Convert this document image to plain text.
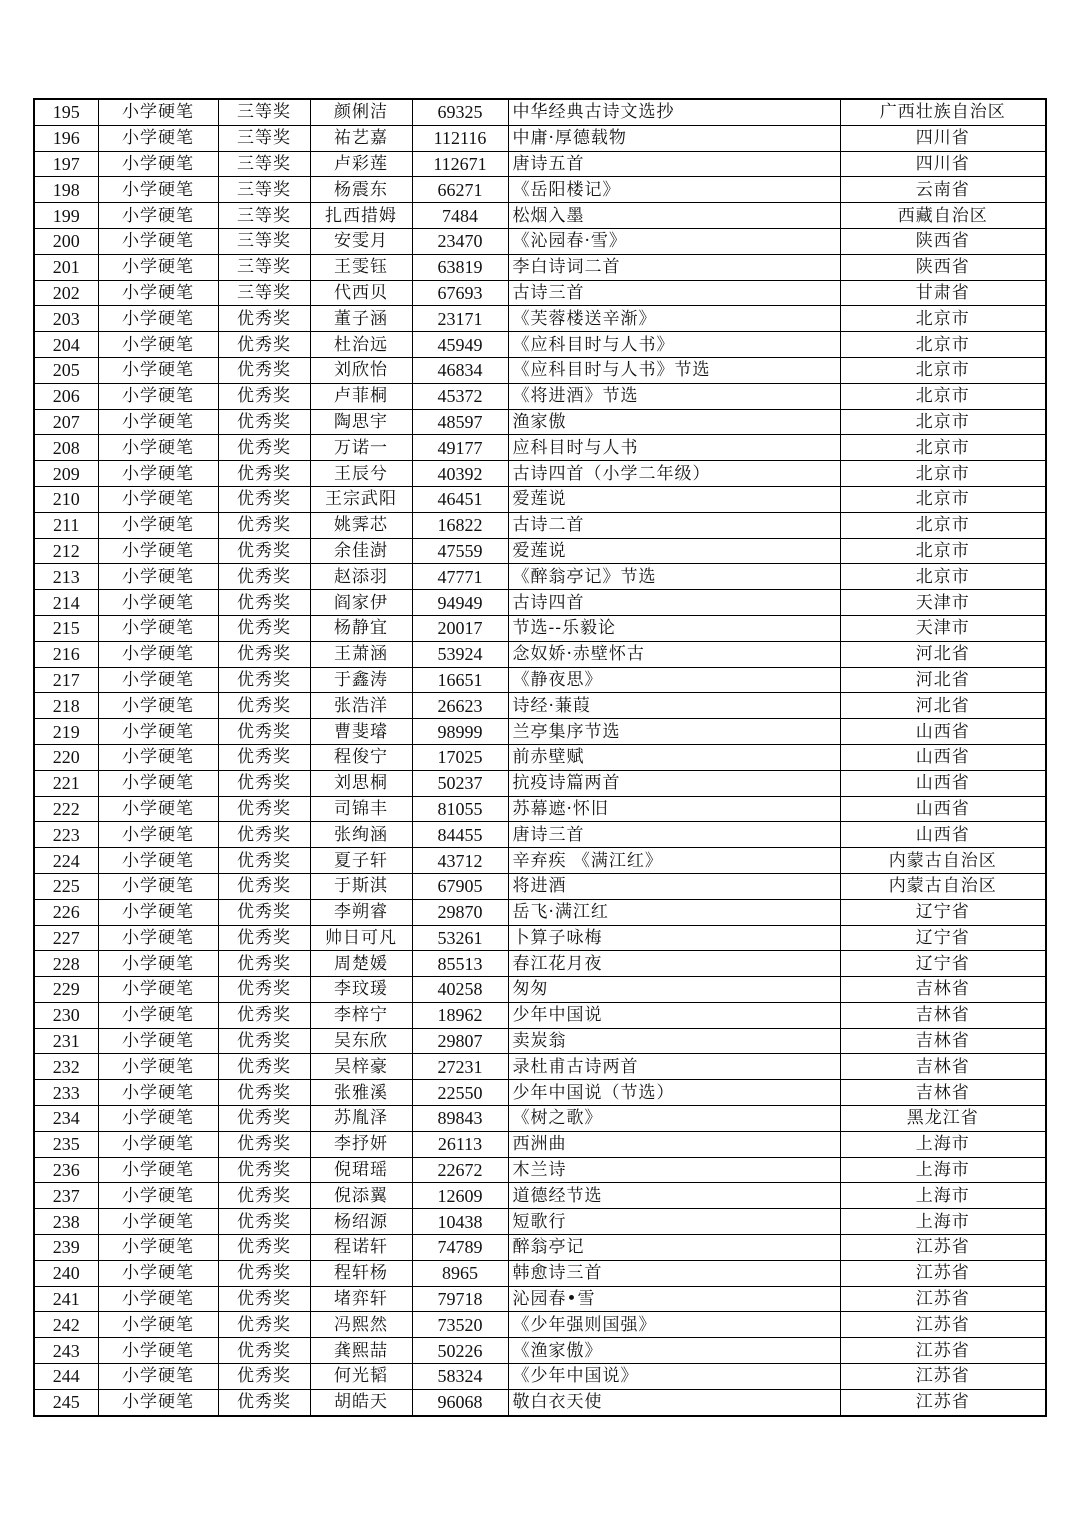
195	小学硬笔	三等奖	颜俐洁	69325	中华经典古诗文选抄	广西壮族自治区
196	小学硬笔	三等奖	祐艺嘉	112116	中庸·厚德载物	四川省
197	小学硬笔	三等奖	卢彩莲	112671	唐诗五首	四川省
198	小学硬笔	三等奖	杨震东	66271	《岳阳楼记》	云南省
199	小学硬笔	三等奖	扎西措姆	7484	松烟入墨	西藏自治区
200	小学硬笔	三等奖	安雯月	23470	《沁园春·雪》	陕西省
201	小学硬笔	三等奖	王雯钰	63819	李白诗词二首	陕西省
202	小学硬笔	三等奖	代西贝	67693	古诗三首	甘肃省
203	小学硬笔	优秀奖	董子涵	23171	《芙蓉楼送辛渐》	北京市
204	小学硬笔	优秀奖	杜治远	45949	《应科目时与人书》	北京市
205	小学硬笔	优秀奖	刘欣怡	46834	《应科目时与人书》节选	北京市
206	小学硬笔	优秀奖	卢菲桐	45372	《将进酒》节选	北京市
207	小学硬笔	优秀奖	陶思宇	48597	渔家傲	北京市
208	小学硬笔	优秀奖	万诺一	49177	应科目时与人书	北京市
209	小学硬笔	优秀奖	王辰兮	40392	古诗四首（小学二年级）	北京市
210	小学硬笔	优秀奖	王宗武阳	46451	爱莲说	北京市
211	小学硬笔	优秀奖	姚霁芯	16822	古诗二首	北京市
212	小学硬笔	优秀奖	余佳澍	47559	爱莲说	北京市
213	小学硬笔	优秀奖	赵添羽	47771	《醉翁亭记》节选	北京市
214	小学硬笔	优秀奖	阎家伊	94949	古诗四首	天津市
215	小学硬笔	优秀奖	杨静宜	20017	节选--乐毅论	天津市
216	小学硬笔	优秀奖	王萧涵	53924	念奴娇·赤壁怀古	河北省
217	小学硬笔	优秀奖	于鑫涛	16651	《静夜思》	河北省
218	小学硬笔	优秀奖	张浩洋	26623	诗经·蒹葭	河北省
219	小学硬笔	优秀奖	曹斐璿	98999	兰亭集序节选	山西省
220	小学硬笔	优秀奖	程俊宁	17025	前赤壁赋	山西省
221	小学硬笔	优秀奖	刘思桐	50237	抗疫诗篇两首	山西省
222	小学硬笔	优秀奖	司锦丰	81055	苏幕遮·怀旧	山西省
223	小学硬笔	优秀奖	张绚涵	84455	唐诗三首	山西省
224	小学硬笔	优秀奖	夏子轩	43712	辛弃疾 《满江红》	内蒙古自治区
225	小学硬笔	优秀奖	于斯淇	67905	将进酒	内蒙古自治区
226	小学硬笔	优秀奖	李朔睿	29870	岳飞·满江红	辽宁省
227	小学硬笔	优秀奖	帅日可凡	53261	卜算子咏梅	辽宁省
228	小学硬笔	优秀奖	周楚媛	85513	春江花月夜	辽宁省
229	小学硬笔	优秀奖	李玟瑗	40258	匆匆	吉林省
230	小学硬笔	优秀奖	李梓宁	18962	少年中国说	吉林省
231	小学硬笔	优秀奖	吴东欣	29807	卖炭翁	吉林省
232	小学硬笔	优秀奖	吴梓豪	27231	录杜甫古诗两首	吉林省
233	小学硬笔	优秀奖	张雅溪	22550	少年中国说（节选）	吉林省
234	小学硬笔	优秀奖	苏胤泽	89843	《树之歌》	黑龙江省
235	小学硬笔	优秀奖	李抒妍	26113	西洲曲	上海市
236	小学硬笔	优秀奖	倪珺瑶	22672	木兰诗	上海市
237	小学硬笔	优秀奖	倪添翼	12609	道德经节选	上海市
238	小学硬笔	优秀奖	杨绍源	10438	短歌行	上海市
239	小学硬笔	优秀奖	程诺轩	74789	醉翁亭记	江苏省
240	小学硬笔	优秀奖	程轩杨	8965	韩愈诗三首	江苏省
241	小学硬笔	优秀奖	堵弈轩	79718	沁园春•雪	江苏省
242	小学硬笔	优秀奖	冯熙然	73520	《少年强则国强》	江苏省
243	小学硬笔	优秀奖	龚熙喆	50226	《渔家傲》	江苏省
244	小学硬笔	优秀奖	何光韬	58324	《少年中国说》	江苏省
245	小学硬笔	优秀奖	胡皓天	96068	敬白衣天使	江苏省
